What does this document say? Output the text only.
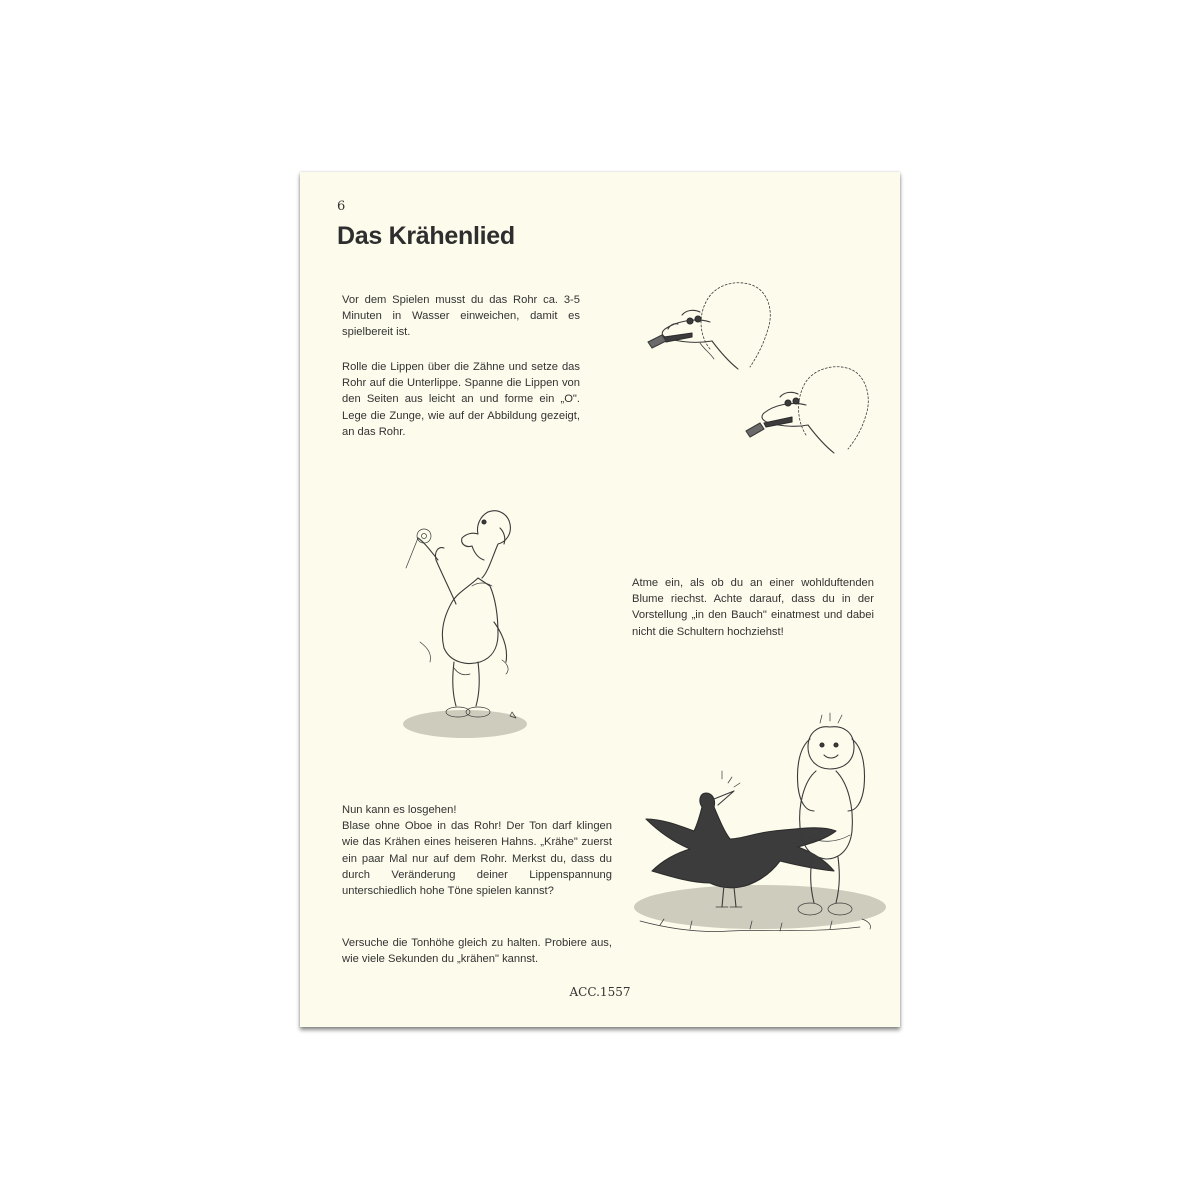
6
Das Krähenlied

Vor dem Spielen musst du das Rohr ca. 3-5 Minuten in Wasser einweichen, damit es spielbereit ist.

Rolle die Lippen über die Zähne und setze das Rohr auf die Unterlippe. Spanne die Lippen von den Seiten aus leicht an und forme ein „O". Lege die Zunge, wie auf der Abbildung gezeigt, an das Rohr.

Atme ein, als ob du an einer wohlduftenden Blume riechst. Achte darauf, dass du in der Vorstellung „in den Bauch" einatmest und dabei nicht die Schultern hochziehst!

Nun kann es losgehen!
Blase ohne Oboe in das Rohr! Der Ton darf klingen wie das Krähen eines heiseren Hahns. „Krähe" zuerst ein paar Mal nur auf dem Rohr. Merkst du, dass du durch Veränderung deiner Lippenspannung unterschiedlich hohe Töne spielen kannst?

Versuche die Tonhöhe gleich zu halten. Probiere aus, wie viele Sekunden du „krähen" kannst.

ACC.1557
